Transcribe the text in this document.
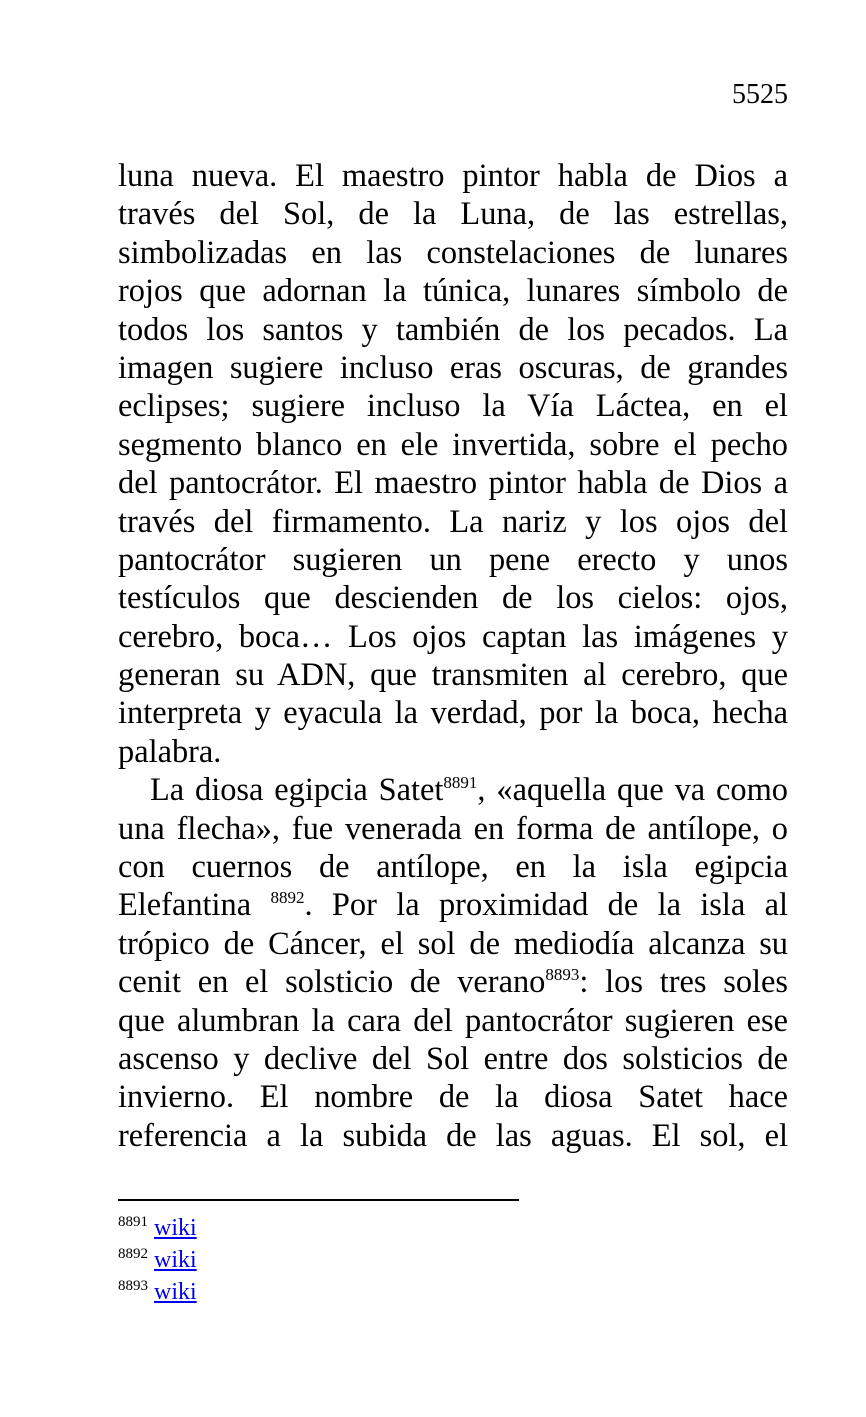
5525
luna nueva. El maestro pintor habla de Dios a
través del Sol, de la Luna, de las estrellas,
simbolizadas en las constelaciones de lunares
rojos que adornan la túnica, lunares símbolo de
todos los santos y también de los pecados. La
imagen sugiere incluso eras oscuras, de grandes
eclipses; sugiere incluso la Vía Láctea, en el
segmento blanco en ele invertida, sobre el pecho
del pantocrátor. El maestro pintor habla de Dios a
través del firmamento. La nariz y los ojos del
pantocrátor sugieren un pene erecto y unos
testículos que descienden de los cielos: ojos,
cerebro, boca… Los ojos captan las imágenes y
generan su ADN, que transmiten al cerebro, que
interpreta y eyacula la verdad, por la boca, hecha
palabra.
La diosa egipcia Satet$^{8891}$, «aquella que va como
una flecha», fue venerada en forma de antílope, o
con cuernos de antílope, en la isla egipcia
Elefantina $^{8892}$. Por la proximidad de la isla al
trópico de Cáncer, el sol de mediodía alcanza su
cenit en el solsticio de verano$^{8893}$: los tres soles
que alumbran la cara del pantocrátor sugieren ese
ascenso y declive del Sol entre dos solsticios de
invierno. El nombre de la diosa Satet hace
referencia a la subida de las aguas. El sol, el
$^{8891}$ wiki
$^{8892}$ wiki
$^{8893}$ wiki
